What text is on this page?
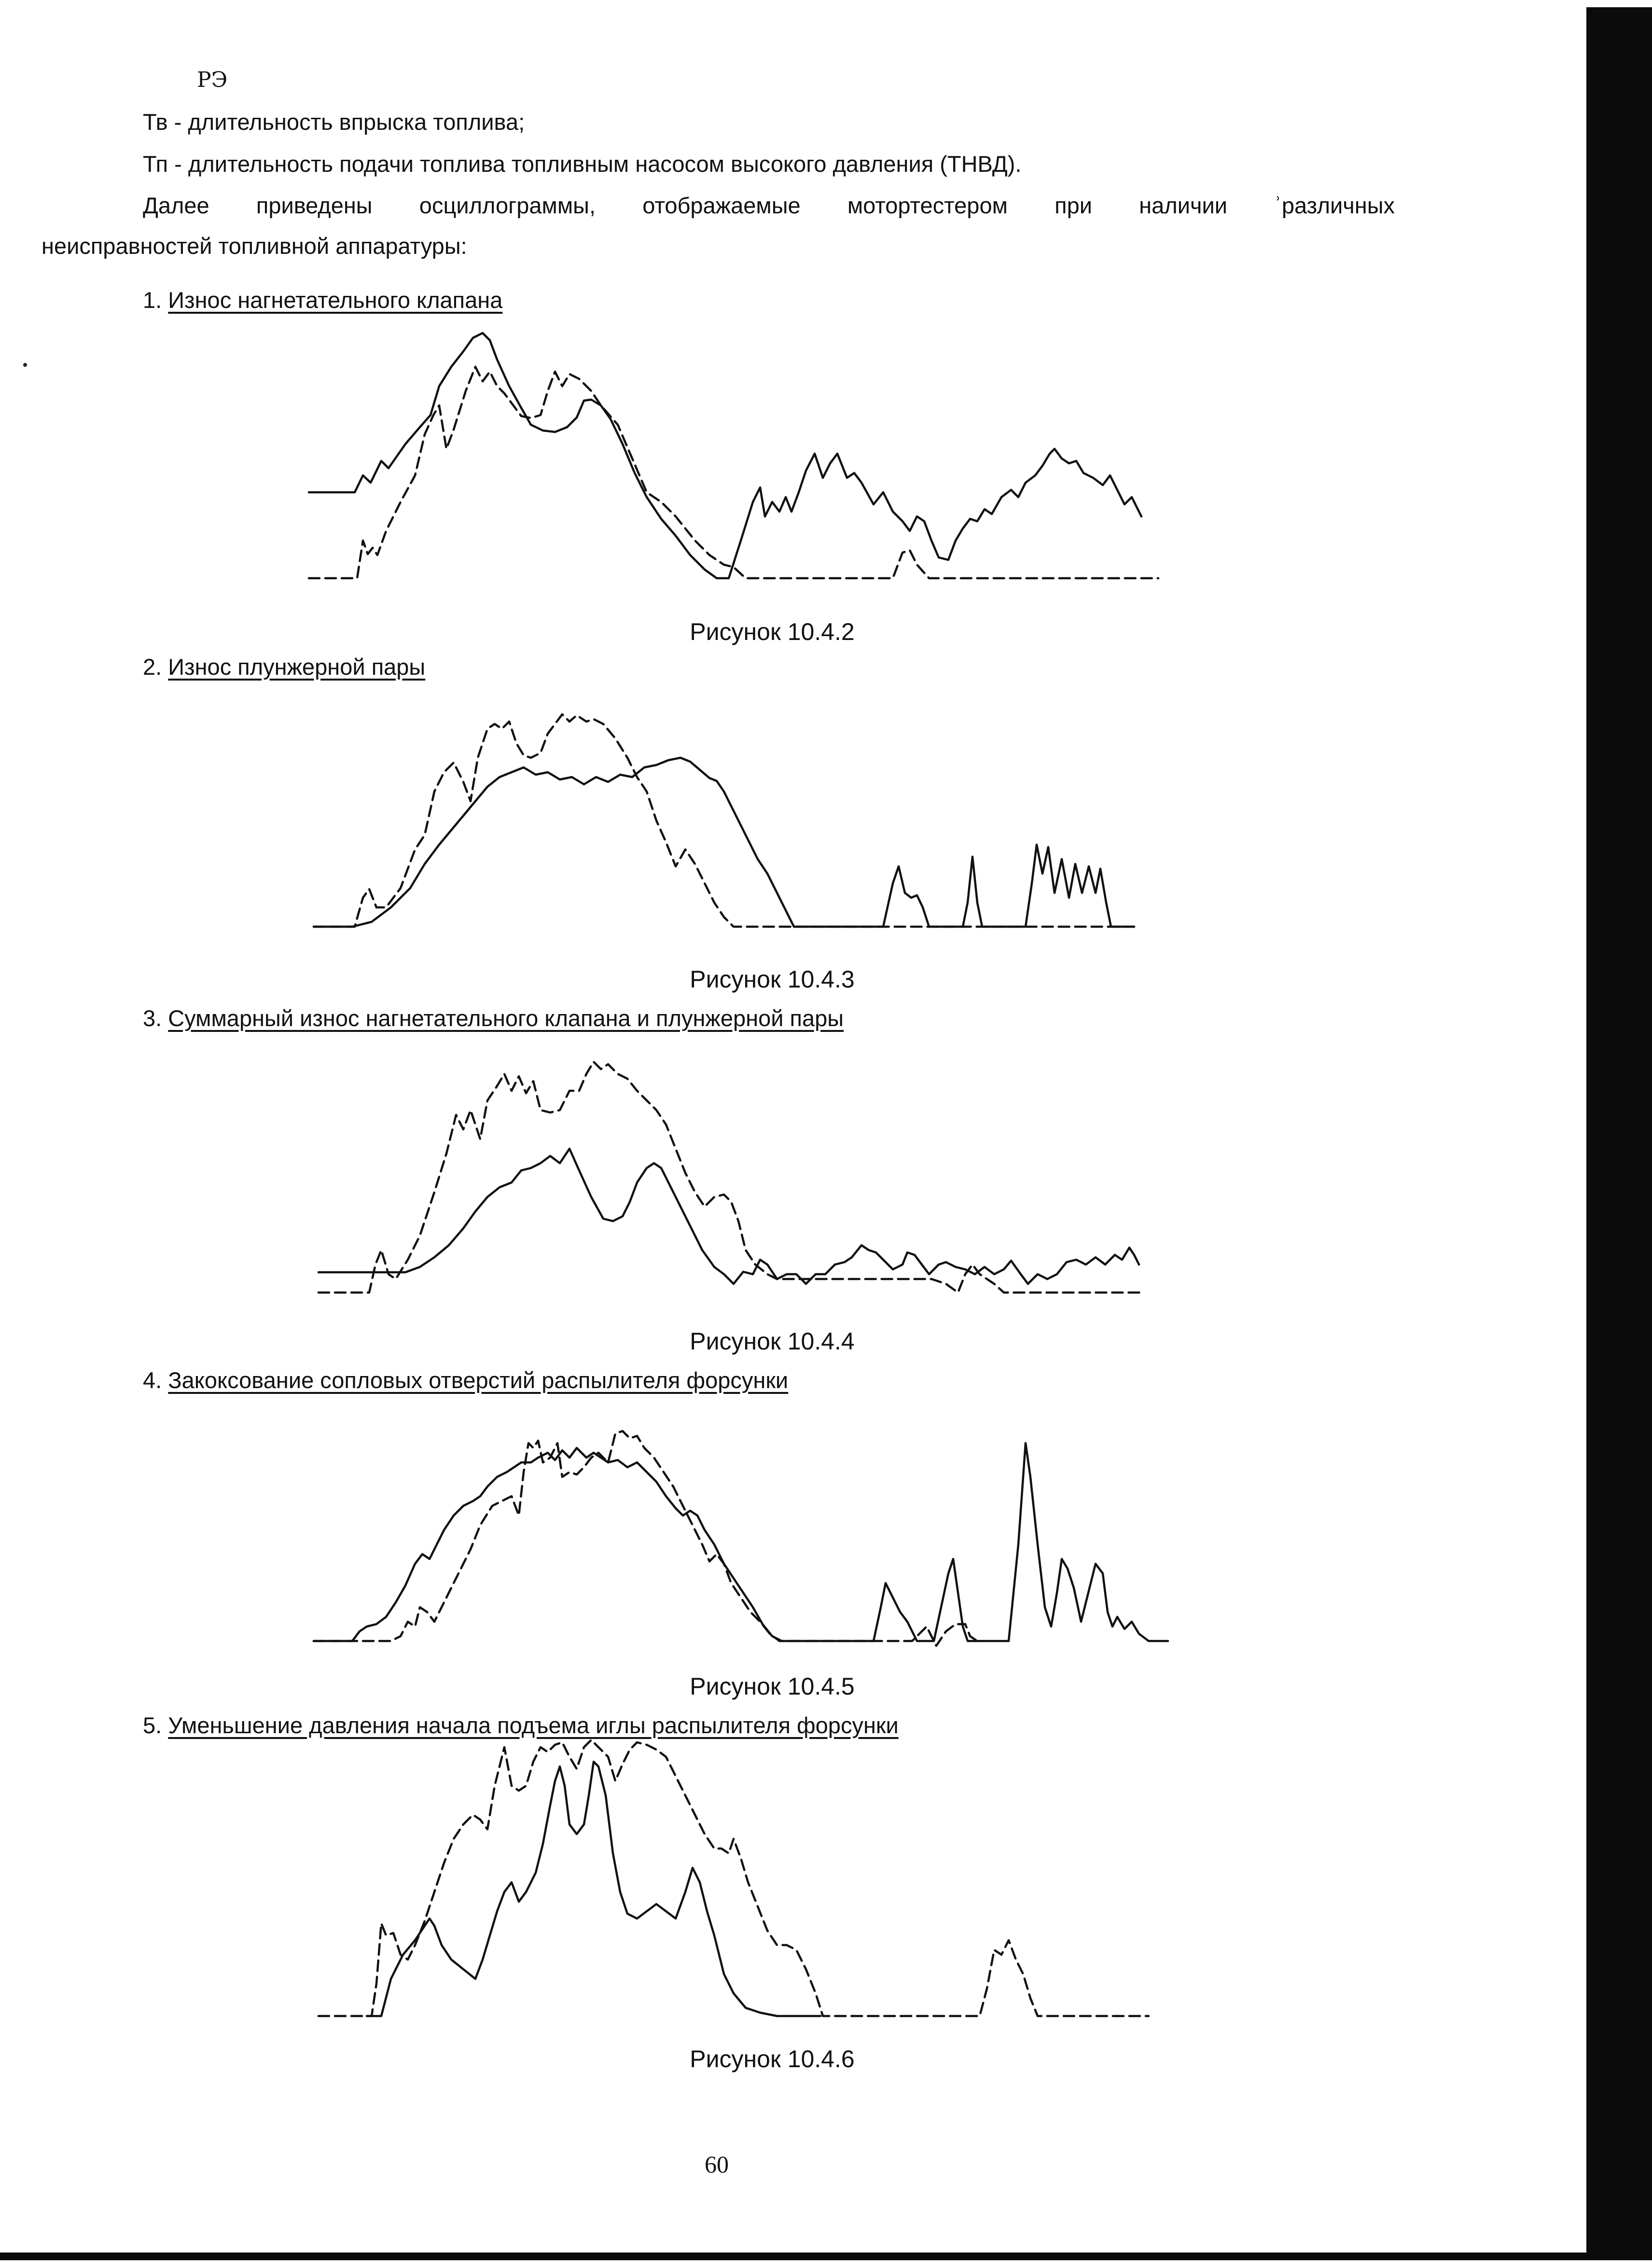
РЭ
Тв - длительность впрыска топлива;
Тп - длительность подачи топлива топливным насосом высокого давления (ТНВД).
Далее приведены осциллограммы, отображаемые мотортестером при наличии ʾразличных
неисправностей топливной аппаратуры:
1. Износ нагнетательного клапана
Рисунок 10.4.2
2. Износ плунжерной пары
Рисунок 10.4.3
3. Суммарный износ нагнетательного клапана и плунжерной пары
Рисунок 10.4.4
4. Закоксование сопловых отверстий распылителя форсунки
Рисунок 10.4.5
5. Уменьшение давления начала подъема иглы распылителя форсунки
Рисунок 10.4.6
60
